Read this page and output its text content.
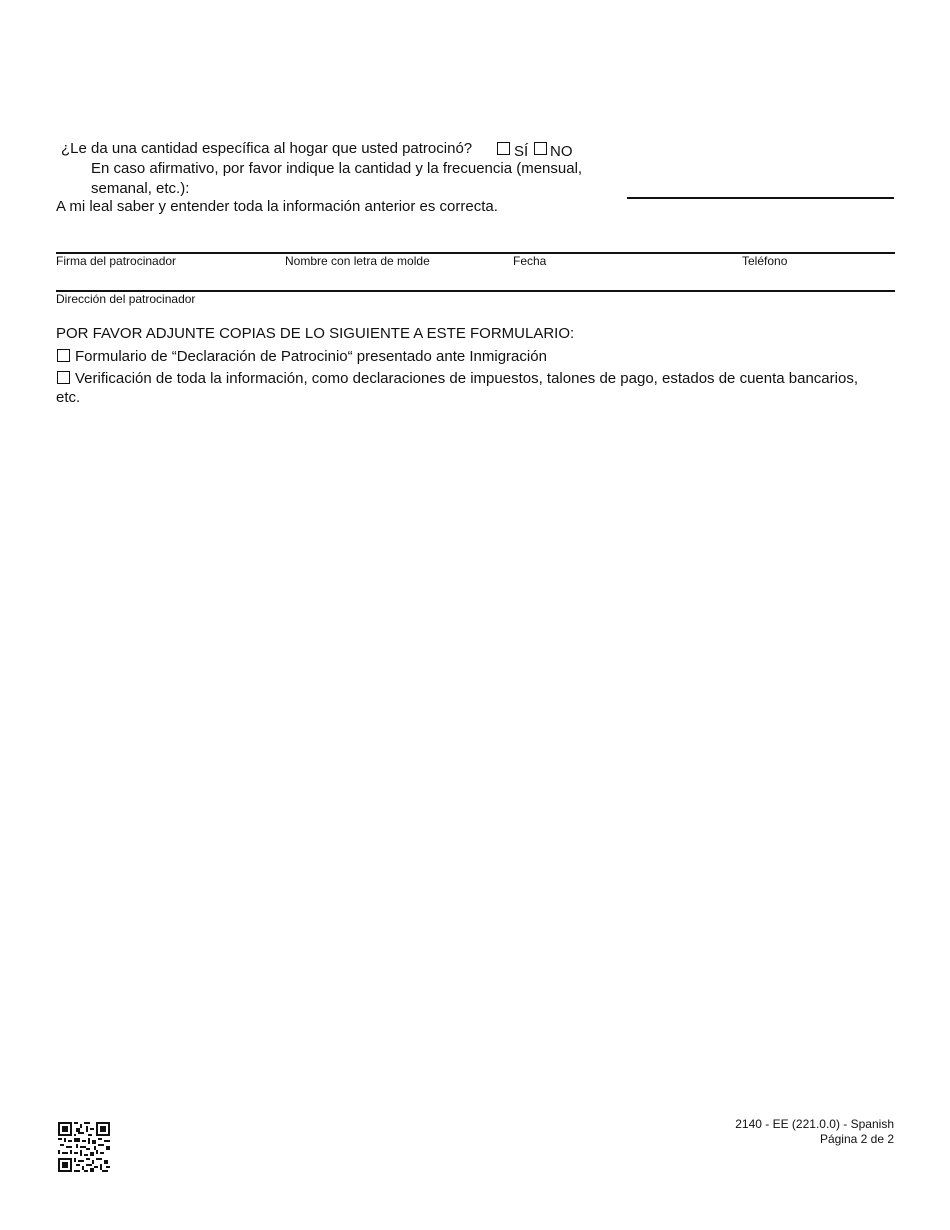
¿Le da una cantidad específica al hogar que usted patrocinó?	SÍ NO
En caso afirmativo, por favor indique la cantidad y la frecuencia (mensual,
semanal, etc.):
A mi leal saber y entender toda la información anterior es correcta.
Firma del patrocinador	Nombre con letra de molde	Fecha	Teléfono
Dirección del patrocinador
POR FAVOR ADJUNTE COPIAS DE LO SIGUIENTE A ESTE FORMULARIO:
Formulario de “Declaración de Patrocinio“ presentado ante Inmigración
Verificación de toda la información, como declaraciones de impuestos, talones de pago, estados de cuenta bancarios,
etc.
2140 - EE (221.0.0) - Spanish
Página 2 de 2
